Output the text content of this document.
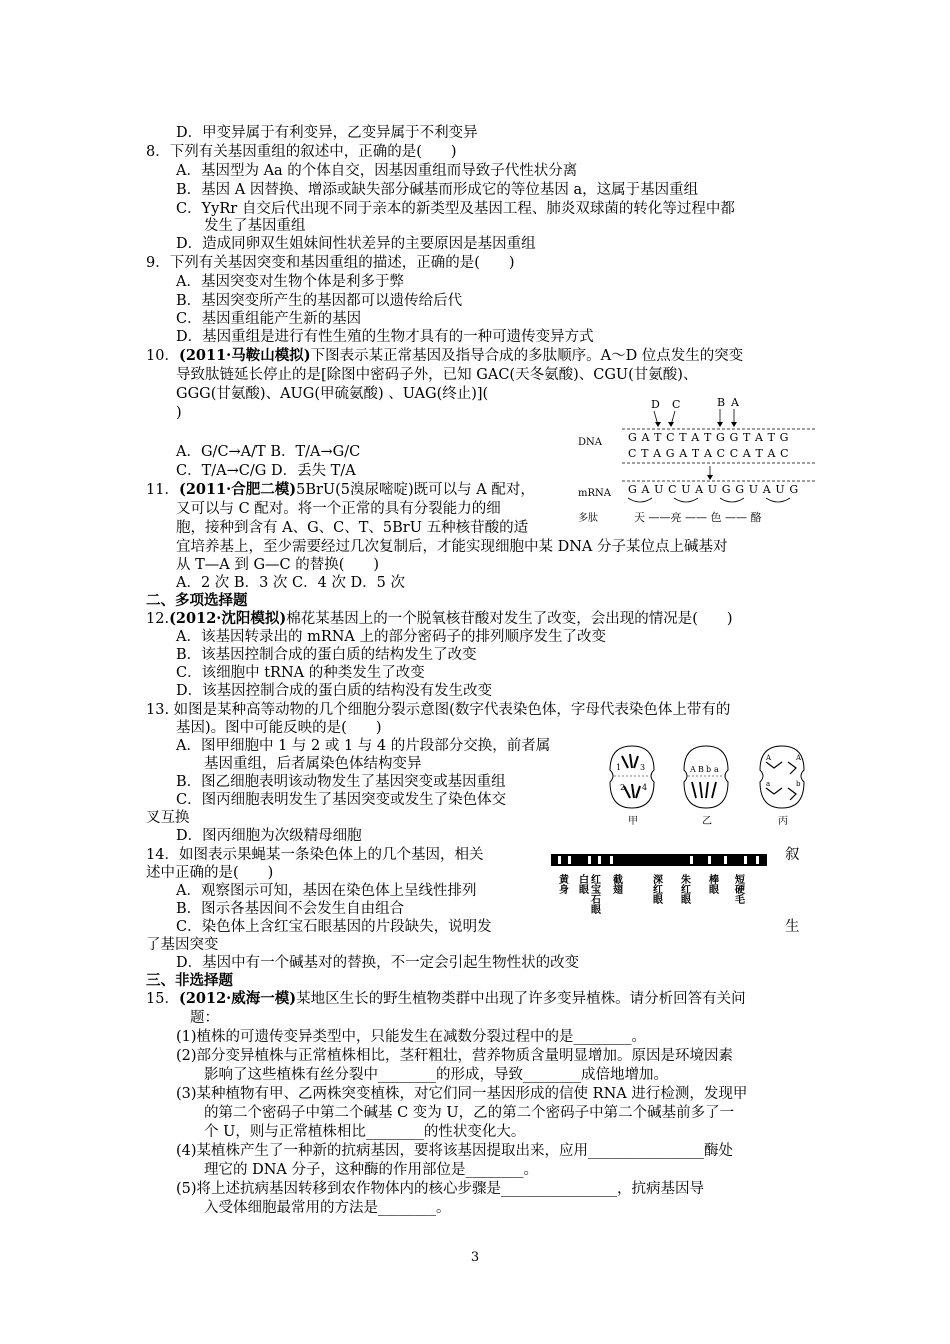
D．甲变异属于有利变异，乙变异属于不利变异
8．下列有关基因重组的叙述中，正确的是(　　)
A．基因型为 Aa 的个体自交，因基因重组而导致子代性状分离
B．基因 A 因替换、增添或缺失部分碱基而形成它的等位基因 a，这属于基因重组
C．YyRr 自交后代出现不同于亲本的新类型及基因工程、肺炎双球菌的转化等过程中都
发生了基因重组
D．造成同卵双生姐妹间性状差异的主要原因是基因重组
9．下列有关基因突变和基因重组的描述，正确的是(　　)
A．基因突变对生物个体是利多于弊
B．基因突变所产生的基因都可以遗传给后代
C．基因重组能产生新的基因
D．基因重组是进行有性生殖的生物才具有的一种可遗传变异方式
10．(2011·马鞍山模拟)下图表示某正常基因及指导合成的多肽顺序。A～D 位点发生的突变
导致肽链延长停止的是[除图中密码子外，已知 GAC(天冬氨酸)、CGU(甘氨酸)、
GGG(甘氨酸)、AUG(甲硫氨酸) 、UAG(终止)](
)
A．G/C→A/T B．T/A→G/C
C．T/A→C/G D．丢失 T/A
D C	B A
DNA G A T C T A T G G T A T G
C T A G A T A C C A T A C
mRNA G A U C U A U G G U A U G
多肽	天 ——亮 —— 色 —— 酪
11．(2011·合肥二模)5BrU(5溴尿嘧啶)既可以与 A 配对，
又可以与 C 配对。将一个正常的具有分裂能力的细
胞，接种到含有 A、G、C、T、5BrU 五种核苷酸的适
宜培养基上，至少需要经过几次复制后，才能实现细胞中某 DNA 分子某位点上碱基对
从 T—A 到 G—C 的替换(　　)
A．2 次 B．3 次 C．4 次 D．5 次
二、多项选择题
12.(2012·沈阳模拟)棉花某基因上的一个脱氧核苷酸对发生了改变，会出现的情况是(　　)
A．该基因转录出的 mRNA 上的部分密码子的排列顺序发生了改变
B．该基因控制合成的蛋白质的结构发生了改变
C．该细胞中 tRNA 的种类发生了改变
D．该基因控制合成的蛋白质的结构没有发生改变
13. 如图是某种高等动物的几个细胞分裂示意图(数字代表染色体，字母代表染色体上带有的
基因)。图中可能反映的是(　　)
A．图甲细胞中 1 与 2 或 1 与 4 的片段部分交换，前者属
基因重组，后者属染色体结构变异
B．图乙细胞表明该动物发生了基因突变或基因重组
C．图丙细胞表明发生了基因突变或发生了染色体交
叉互换
D．图丙细胞为次级精母细胞
1
2
3
4
甲
A B b a
乙
A	A
a	b
丙
14．如图表示果蝇某一条染色体上的几个基因，相关	叙
述中正确的是(　　)
A．观察图示可知，基因在染色体上呈线性排列
B．图示各基因间不会发生自由组合
C．染色体上含红宝石眼基因的片段缺失，说明发	生
了基因突变
D．基因中有一个碱基对的替换，不一定会引起生物性状的改变
黄身 白眼 红宝石眼 截翅	深红眼 朱红眼 棒眼 短硬毛
三、非选择题
15．(2012·威海一模)某地区生长的野生植物类群中出现了许多变异植株。请分析回答有关问
题：
(1)植株的可遗传变异类型中，只能发生在减数分裂过程中的是________。
(2)部分变异植株与正常植株相比，茎秆粗壮，营养物质含量明显增加。原因是环境因素
影响了这些植株有丝分裂中________的形成，导致________成倍地增加。
(3)某种植物有甲、乙两株突变植株，对它们同一基因形成的信使 RNA 进行检测，发现甲
的第二个密码子中第二个碱基 C 变为 U，乙的第二个密码子中第二个碱基前多了一
个 U，则与正常植株相比________的性状变化大。
(4)某植株产生了一种新的抗病基因，要将该基因提取出来，应用________________酶处
理它的 DNA 分子，这种酶的作用部位是________。
(5)将上述抗病基因转移到农作物体内的核心步骤是________________，抗病基因导
入受体细胞最常用的方法是________。
3
